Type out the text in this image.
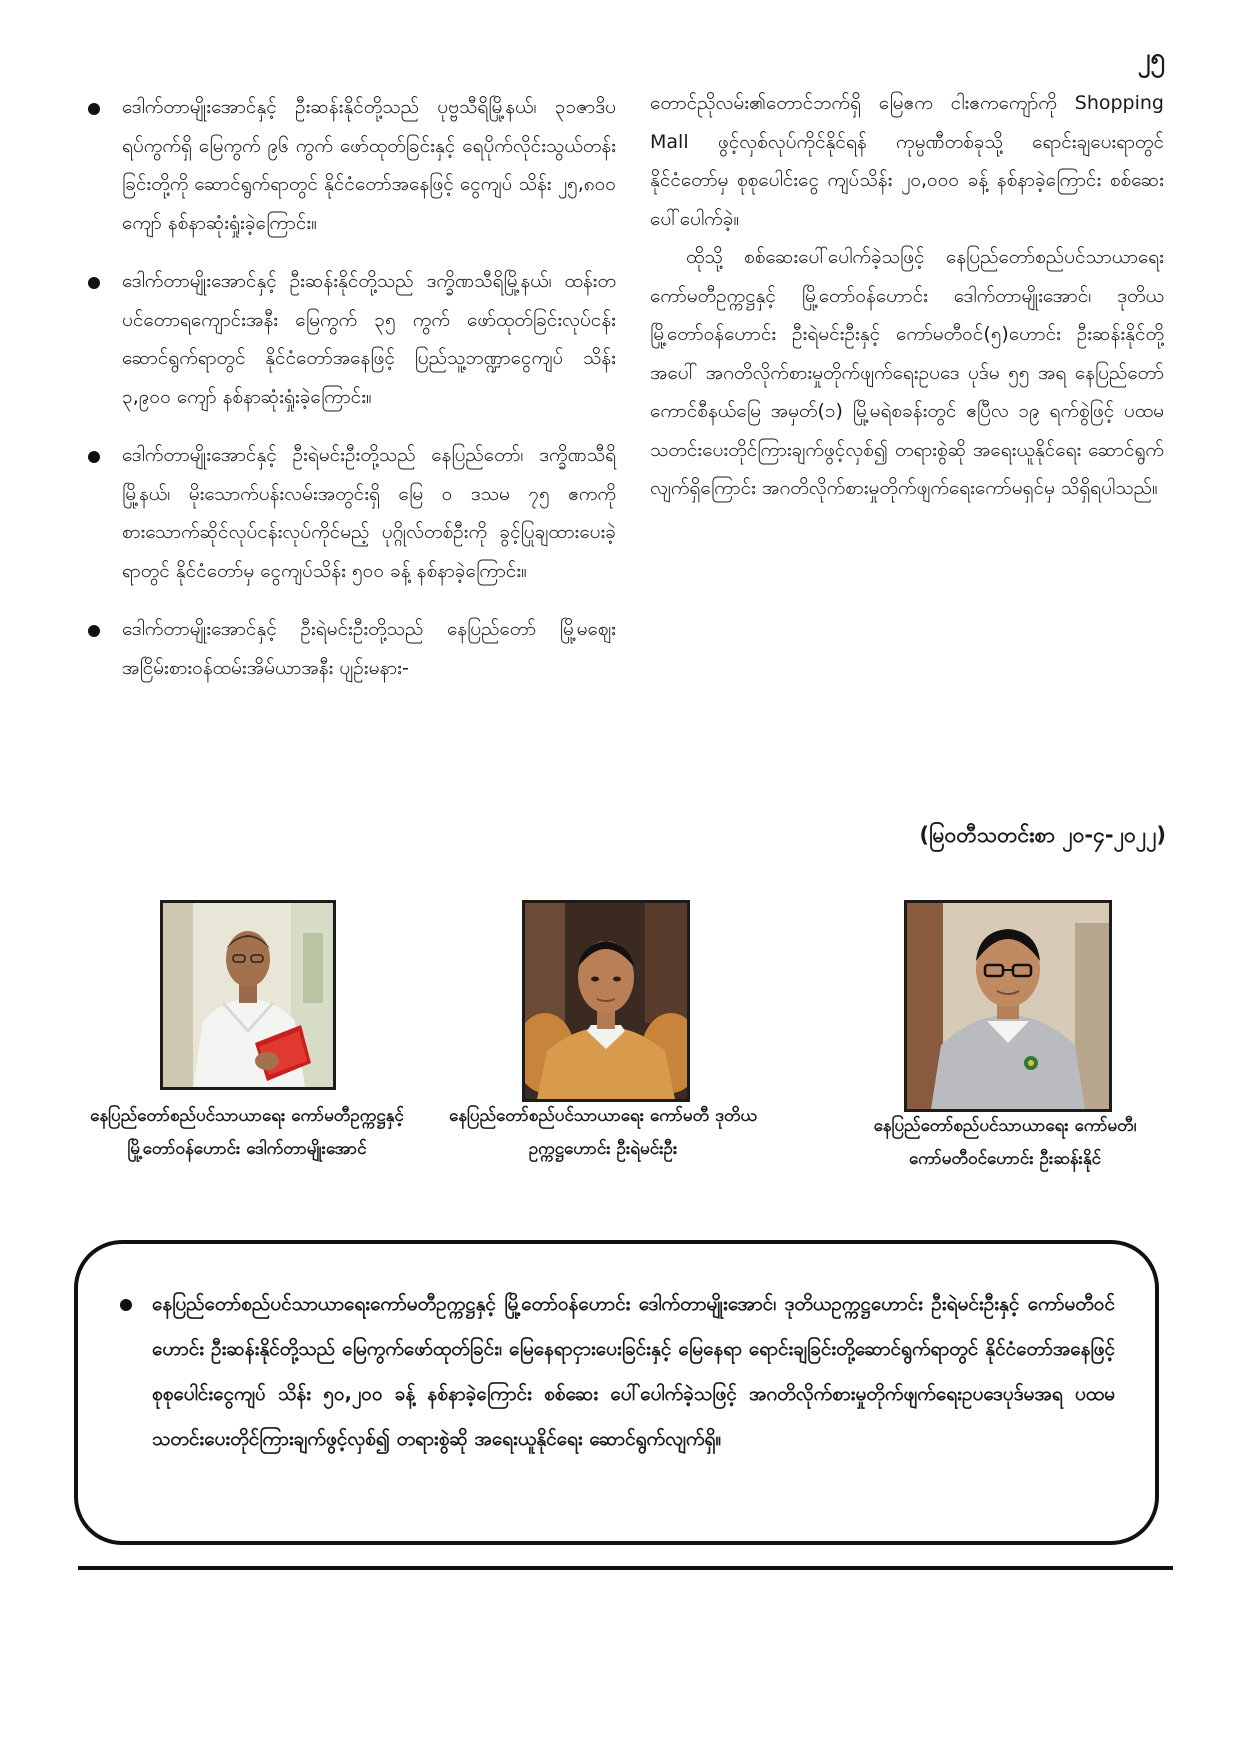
၂၅
ဒေါက်တာမျိုးအောင်နှင့် ဦးဆန်းနိုင်တို့သည် ပုဗ္ဗသီရိမြို့နယ်၊ ၃၁ဇာဒိပရပ်ကွက်ရှိ မြေကွက် ၉၆ ကွက် ဖော်ထုတ်ခြင်းနှင့် ရေပိုက်လိုင်းသွယ်တန်းခြင်းတို့ကို ဆောင်ရွက်ရာတွင် နိုင်ငံတော်အနေဖြင့် ငွေကျပ် သိန်း ၂၅,၈၀၀ ကျော် နစ်နာဆုံးရှုံးခဲ့ကြောင်း။
ဒေါက်တာမျိုးအောင်နှင့် ဦးဆန်းနိုင်တို့သည် ဒက္ခိဏသီရိမြို့နယ်၊ ထန်းတပင်တောရကျောင်းအနီး မြေကွက် ၃၅ ကွက် ဖော်ထုတ်ခြင်းလုပ်ငန်း ဆောင်ရွက်ရာတွင် နိုင်ငံတော်အနေဖြင့် ပြည်သူ့ဘဏ္ဍာငွေကျပ် သိန်း ၃,၉၀၀ ကျော် နစ်နာဆုံးရှုံးခဲ့ကြောင်း။
ဒေါက်တာမျိုးအောင်နှင့် ဦးရဲမင်းဦးတို့သည် နေပြည်တော်၊ ဒက္ခိဏသီရိမြို့နယ်၊ မိုးသောက်ပန်းလမ်းအတွင်းရှိ မြေ ၀ ဒသမ ၇၅ ဧကကို စားသောက်ဆိုင်လုပ်ငန်းလုပ်ကိုင်မည့် ပုဂ္ဂိုလ်တစ်ဦးကို ခွင့်ပြုချထားပေးခဲ့ရာတွင် နိုင်ငံတော်မှ ငွေကျပ်သိန်း ၅၀၀ ခန့် နစ်နာခဲ့ကြောင်း။
ဒေါက်တာမျိုးအောင်နှင့် ဦးရဲမင်းဦးတို့သည် နေပြည်တော် မြို့မဈေး အငြိမ်းစားဝန်ထမ်းအိမ်ယာအနီး ပျဉ်းမနား-

တောင်ညိုလမ်း၏တောင်ဘက်ရှိ မြေဧက ငါးဧကကျော်ကို Shopping Mall ဖွင့်လှစ်လုပ်ကိုင်နိုင်ရန် ကုမ္ပဏီတစ်ခုသို့ ရောင်းချပေးရာတွင် နိုင်ငံတော်မှ စုစုပေါင်းငွေ ကျပ်သိန်း ၂၀,၀၀၀ ခန့် နစ်နာခဲ့ကြောင်း စစ်ဆေးပေါ်ပေါက်ခဲ့။

ထိုသို့ စစ်ဆေးပေါ်ပေါက်ခဲ့သဖြင့် နေပြည်တော်စည်ပင်သာယာရေးကော်မတီဥက္ကဋ္ဌနှင့် မြို့တော်ဝန်ဟောင်း ဒေါက်တာမျိုးအောင်၊ ဒုတိယမြို့တော်ဝန်ဟောင်း ဦးရဲမင်းဦးနှင့် ကော်မတီဝင်(၅)ဟောင်း ဦးဆန်းနိုင်တို့အပေါ် အဂတိလိုက်စားမှုတိုက်ဖျက်ရေးဥပဒေ ပုဒ်မ ၅၅ အရ နေပြည်တော်ကောင်စီနယ်မြေ အမှတ်(၁) မြို့မရဲစခန်းတွင် ဧပြီလ ၁၉ ရက်စွဲဖြင့် ပထမသတင်းပေးတိုင်ကြားချက်ဖွင့်လှစ်၍ တရားစွဲဆို အရေးယူနိုင်ရေး ဆောင်ရွက်လျက်ရှိကြောင်း အဂတိလိုက်စားမှုတိုက်ဖျက်ရေးကော်မရှင်မှ သိရှိရပါသည်။

(မြဝတီသတင်းစာ ၂၀-၄-၂၀၂၂)
နေပြည်တော်စည်ပင်သာယာရေး ကော်မတီဥက္ကဋ္ဌနှင့် မြို့တော်ဝန်ဟောင်း ဒေါက်တာမျိုးအောင်
နေပြည်တော်စည်ပင်သာယာရေး ကော်မတီ ဒုတိယဥက္ကဋ္ဌဟောင်း ဦးရဲမင်းဦး
နေပြည်တော်စည်ပင်သာယာရေး ကော်မတီ၊ ကော်မတီဝင်ဟောင်း ဦးဆန်းနိုင်
နေပြည်တော်စည်ပင်သာယာရေးကော်မတီဥက္ကဋ္ဌနှင့် မြို့တော်ဝန်ဟောင်း ဒေါက်တာမျိုးအောင်၊ ဒုတိယဥက္ကဋ္ဌဟောင်း ဦးရဲမင်းဦးနှင့် ကော်မတီဝင်ဟောင်း ဦးဆန်းနိုင်တို့သည် မြေကွက်ဖော်ထုတ်ခြင်း၊ မြေနေရာငှားပေးခြင်းနှင့် မြေနေရာ ရောင်းချခြင်းတို့ဆောင်ရွက်ရာတွင် နိုင်ငံတော်အနေဖြင့် စုစုပေါင်းငွေကျပ် သိန်း ၅၀,၂၀၀ ခန့် နစ်နာခဲ့ကြောင်း စစ်ဆေး ပေါ်ပေါက်ခဲ့သဖြင့် အဂတိလိုက်စားမှုတိုက်ဖျက်ရေးဥပဒေပုဒ်မအရ ပထမသတင်းပေးတိုင်ကြားချက်ဖွင့်လှစ်၍ တရားစွဲဆို အရေးယူနိုင်ရေး ဆောင်ရွက်လျက်ရှိ။
